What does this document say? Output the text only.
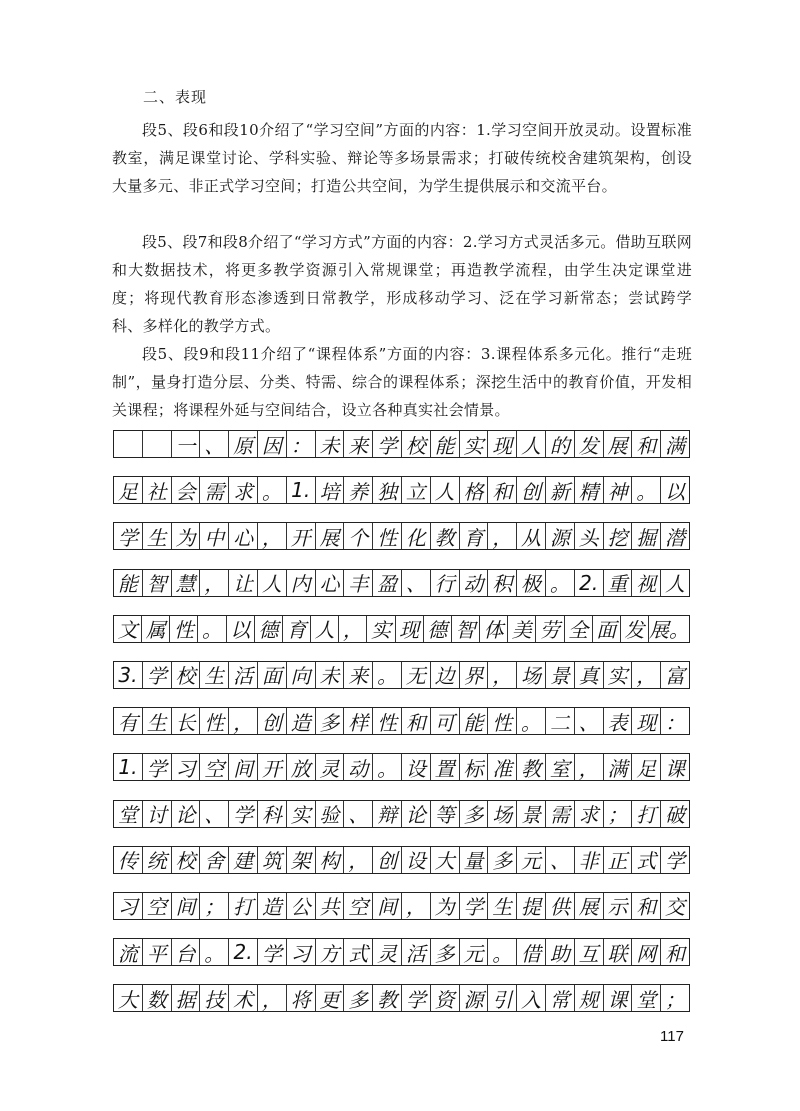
二、表现

段5、段6和段10介绍了“学习空间”方面的内容：1.学习空间开放灵动。设置标准教室，满足课堂讨论、学科实验、辩论等多场景需求；打破传统校舍建筑架构，创设大量多元、非正式学习空间；打造公共空间，为学生提供展示和交流平台。

段5、段7和段8介绍了“学习方式”方面的内容：2.学习方式灵活多元。借助互联网和大数据技术，将更多教学资源引入常规课堂；再造教学流程，由学生决定课堂进度；将现代教育形态渗透到日常教学，形成移动学习、泛在学习新常态；尝试跨学科、多样化的教学方式。

段5、段9和段11介绍了“课程体系”方面的内容：3.课程体系多元化。推行“走班制”，量身打造分层、分类、特需、综合的课程体系；深挖生活中的教育价值，开发相关课程；将课程外延与空间结合，设立各种真实社会情景。

一 、 原 因 ： 未 来 学 校 能 实 现 人 的 发 展 和 满
足 社 会 需 求 。 1. 培 养 独 立 人 格 和 创 新 精 神 。 以
学 生 为 中 心 ， 开 展 个 性 化 教 育 ， 从 源 头 挖 掘 潜
能 智 慧 ， 让 人 内 心 丰 盈 、 行 动 积 极 。 2. 重 视 人
文 属 性 。 以 德 育 人 ， 实 现 德 智 体 美 劳 全 面 发 展。
3. 学 校 生 活 面 向 未 来 。 无 边 界 ， 场 景 真 实 ， 富
有 生 长 性 ， 创 造 多 样 性 和 可 能 性 。 二 、 表 现 ：
1. 学 习 空 间 开 放 灵 动 。 设 置 标 准 教 室 ， 满 足 课
堂 讨 论 、 学 科 实 验 、 辩 论 等 多 场 景 需 求 ； 打 破
传 统 校 舍 建 筑 架 构 ， 创 设 大 量 多 元 、 非 正 式 学
习 空 间 ； 打 造 公 共 空 间 ， 为 学 生 提 供 展 示 和 交
流 平 台 。 2. 学 习 方 式 灵 活 多 元 。 借 助 互 联 网 和
大 数 据 技 术 ， 将 更 多 教 学 资 源 引 入 常 规 课 堂 ；
117
